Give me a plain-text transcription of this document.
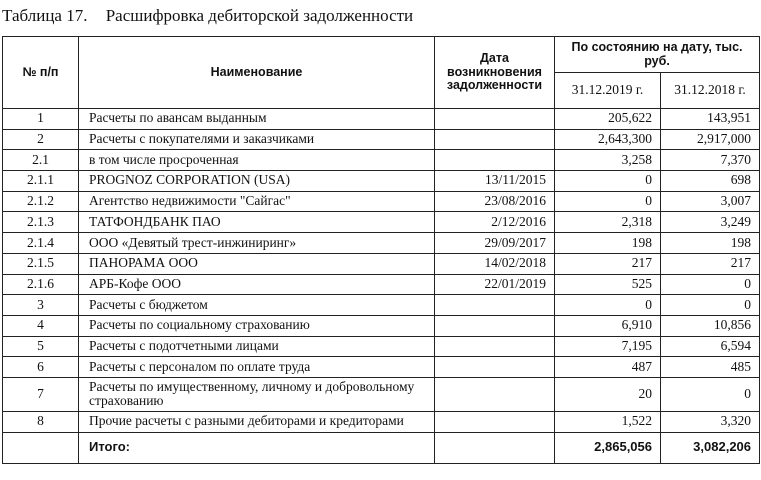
Таблица 17. Расшифровка дебиторской задолженности
№ п/п	Наименование	Дата возникновения задолженности	По состоянию на дату, тыс. руб.	
			31.12.2019 г.	31.12.2018 г.
1	Расчеты по авансам выданным		205,622	143,951
2	Расчеты с покупателями и заказчиками		2,643,300	2,917,000
2.1	в том числе просроченная		3,258	7,370
2.1.1	PROGNOZ CORPORATION (USA)	13/11/2015	0	698
2.1.2	Агентство недвижимости "Сайгас"	23/08/2016	0	3,007
2.1.3	ТАТФОНДБАНК ПАО	2/12/2016	2,318	3,249
2.1.4	ООО «Девятый трест-инжиниринг»	29/09/2017	198	198
2.1.5	ПАНОРАМА ООО	14/02/2018	217	217
2.1.6	АРБ-Кофе ООО	22/01/2019	525	0
3	Расчеты с бюджетом		0	0
4	Расчеты по социальному страхованию		6,910	10,856
5	Расчеты с подотчетными лицами		7,195	6,594
6	Расчеты с персоналом по оплате труда		487	485
7	Расчеты по имущественному, личному и добровольному страхованию		20	0
8	Прочие расчеты с разными дебиторами и кредиторами		1,522	3,320
	Итого:		2,865,056	3,082,206
